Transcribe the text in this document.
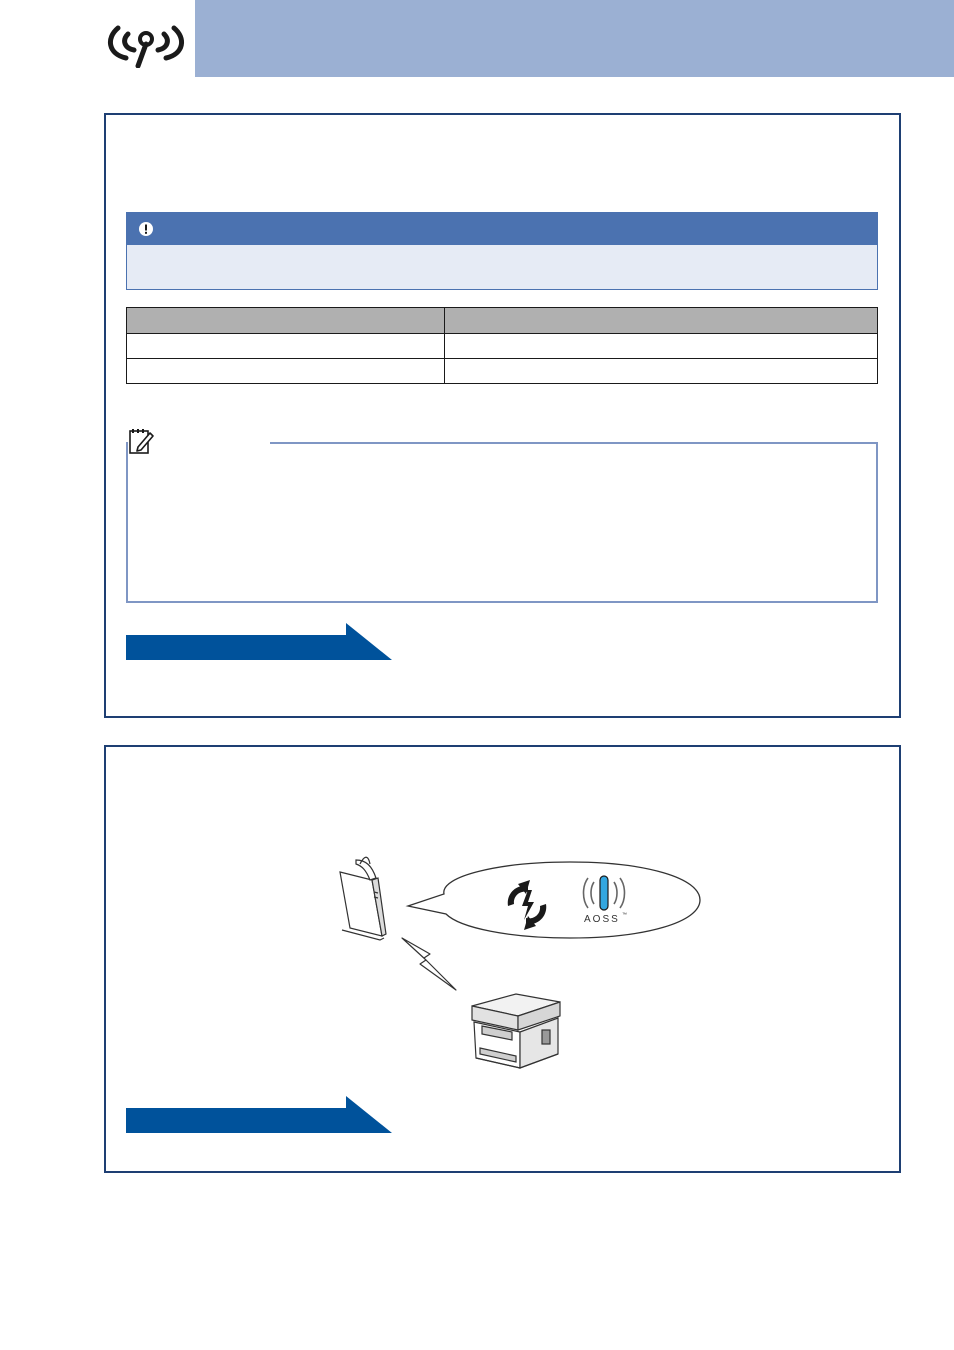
AOSS ™
